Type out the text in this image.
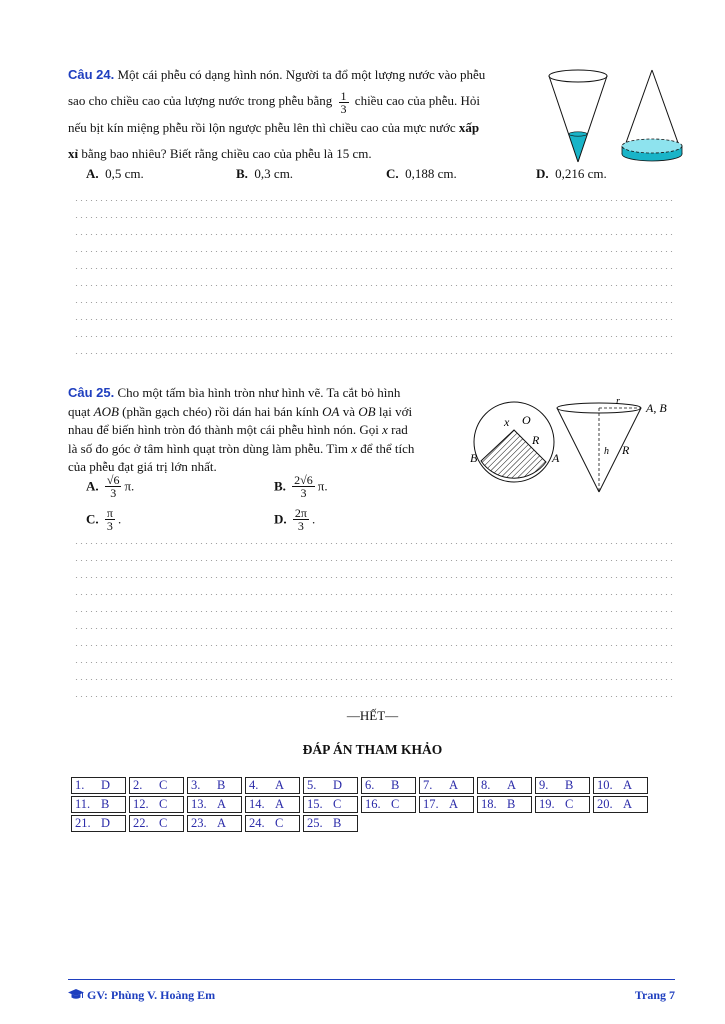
Câu 24. Một cái phễu có dạng hình nón. Người ta đổ một lượng nước vào phễu
sao cho chiều cao của lượng nước trong phễu bằng $\frac{1}{3}$ chiều cao của phễu. Hỏi
nếu bịt kín miệng phễu rồi lộn ngược phễu lên thì chiều cao của mực nước xấp
xỉ bằng bao nhiêu? Biết rằng chiều cao của phễu là 15 cm.
A. 0,5 cm.	B. 0,3 cm.	C. 0,188 cm.	D. 0,216 cm.
Câu 25. Cho một tấm bìa hình tròn như hình vẽ. Ta cắt bỏ hình
quạt AOB (phần gạch chéo) rồi dán hai bán kính OA và OB lại với
nhau để biến hình tròn đó thành một cái phễu hình nón. Gọi x rad
là số đo góc ở tâm hình quạt tròn dùng làm phễu. Tìm x để thể tích
của phễu đạt giá trị lớn nhất.
A. $\frac{√6}{3} \pi$.	B. $\frac{2√6}{3} \pi$.
C. $\frac{\pi}{3}$ .	D. $\frac{2\pi}{3}$ .
x O
R
B	A
r A, B
h R
—HẾT—
ĐÁP ÁN THAM KHẢO
1. D	2. C	3. B	4. A	5. D	6. B	7. A	8. A	9. B	10. A
11. B	12. C	13. A	14. A	15. C	16. C	17. A	18. B	19. C	20. A
21. D	22. C	23. A	24. C	25. B					
GV: Phùng V. Hoàng Em	Trang 7
